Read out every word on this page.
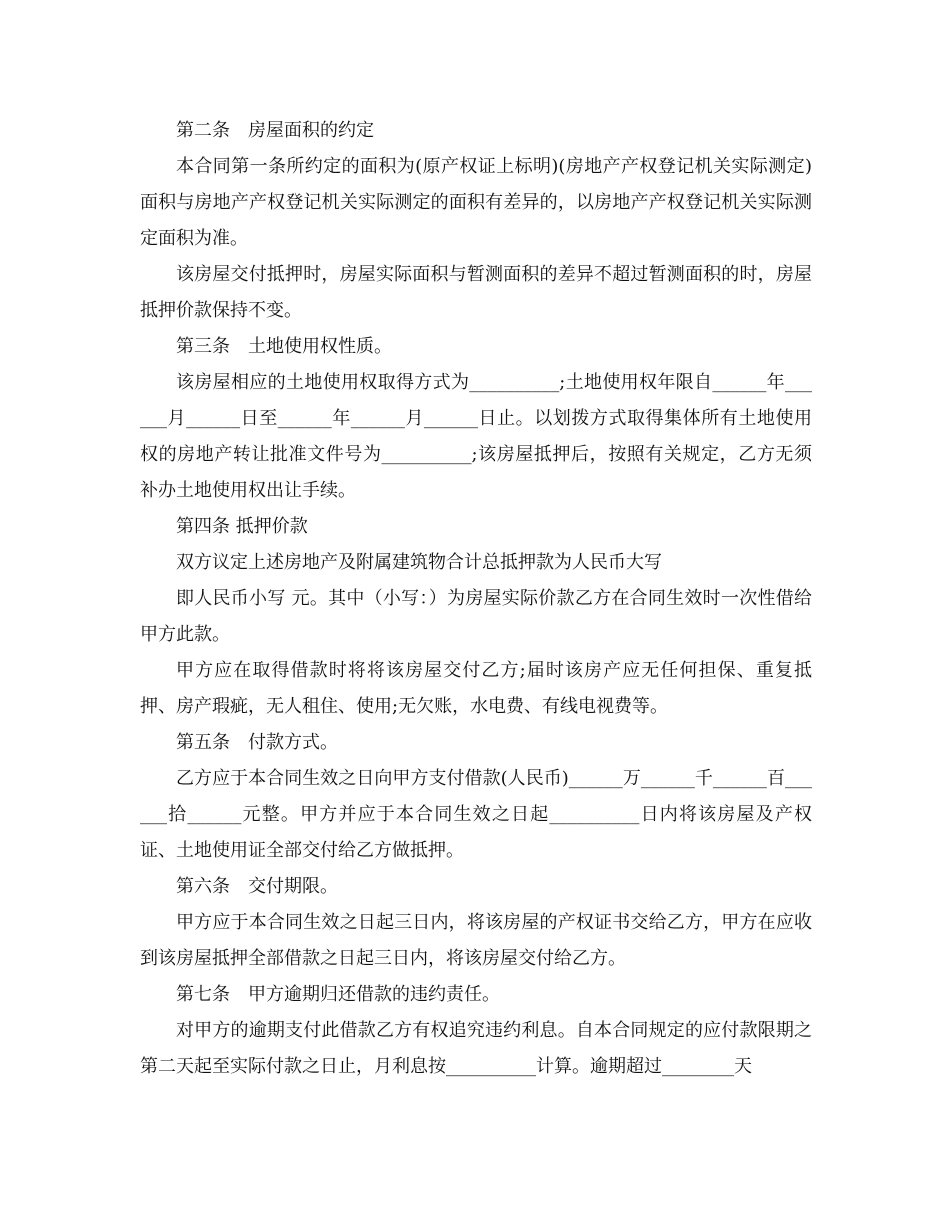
第二条　房屋面积的约定

本合同第一条所约定的面积为(原产权证上标明)(房地产产权登记机关实际测定)面积与房地产产权登记机关实际测定的面积有差异的，以房地产产权登记机关实际测定面积为准。

该房屋交付抵押时，房屋实际面积与暂测面积的差异不超过暂测面积的时，房屋抵押价款保持不变。

第三条　土地使用权性质。

该房屋相应的土地使用权取得方式为__________;土地使用权年限自______年______月______日至______年______月______日止。以划拨方式取得集体所有土地使用权的房地产转让批准文件号为__________;该房屋抵押后，按照有关规定，乙方无须补办土地使用权出让手续。

第四条 抵押价款

双方议定上述房地产及附属建筑物合计总抵押款为人民币大写

即人民币小写 元。其中（小写：）为房屋实际价款乙方在合同生效时一次性借给甲方此款。

甲方应在取得借款时将将该房屋交付乙方;届时该房产应无任何担保、重复抵押、房产瑕疵，无人租住、使用;无欠账，水电费、有线电视费等。

第五条　付款方式。

乙方应于本合同生效之日向甲方支付借款(人民币)______万______千______百______拾______元整。甲方并应于本合同生效之日起__________日内将该房屋及产权证、土地使用证全部交付给乙方做抵押。

第六条　交付期限。

甲方应于本合同生效之日起三日内，将该房屋的产权证书交给乙方，甲方在应收到该房屋抵押全部借款之日起三日内，将该房屋交付给乙方。

第七条　甲方逾期归还借款的违约责任。

对甲方的逾期支付此借款乙方有权追究违约利息。自本合同规定的应付款限期之第二天起至实际付款之日止，月利息按__________计算。逾期超过________天
